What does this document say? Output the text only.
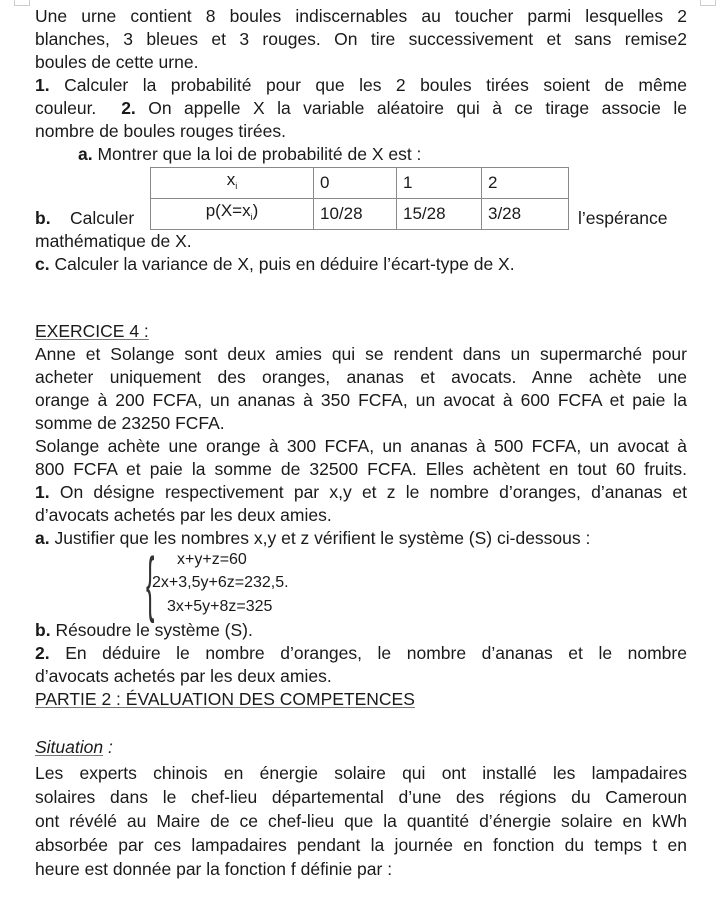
Une urne contient 8 boules indiscernables au toucher parmi lesquelles 2
blanches, 3 bleues et 3 rouges. On tire successivement et sans remise2
boules de cette urne.
1. Calculer la probabilité pour que les 2 boules tirées soient de même
couleur. 2. On appelle X la variable aléatoire qui à ce tirage associe le
nombre de boules rouges tirées.
a. Montrer que la loi de probabilité de X est :
b. Calculer	l’espérance
mathématique de X.
c. Calculer la variance de X, puis en déduire l’écart-type de X.
EXERCICE 4 :
Anne et Solange sont deux amies qui se rendent dans un supermarché pour
acheter uniquement des oranges, ananas et avocats. Anne achète une
orange à 200 FCFA, un ananas à 350 FCFA, un avocat à 600 FCFA et paie la
somme de 23250 FCFA.
Solange achète une orange à 300 FCFA, un ananas à 500 FCFA, un avocat à
800 FCFA et paie la somme de 32500 FCFA. Elles achètent en tout 60 fruits.
1. On désigne respectivement par x,y et z le nombre d’oranges, d’ananas et
d’avocats achetés par les deux amies.
a. Justifier que les nombres x,y et z vérifient le système (S) ci-dessous :
b. Résoudre le système (S).
2. En déduire le nombre d’oranges, le nombre d’ananas et le nombre
d’avocats achetés par les deux amies.
PARTIE 2 : ÉVALUATION DES COMPETENCES
Situation :
Les experts chinois en énergie solaire qui ont installé les lampadaires
solaires dans le chef-lieu départemental d’une des régions du Cameroun
ont révélé au Maire de ce chef-lieu que la quantité d’énergie solaire en kWh
absorbée par ces lampadaires pendant la journée en fonction du temps t en
heure est donnée par la fonction f définie par :
$x_i$	0	1	2
$p(X=x_i)$	10/28	15/28	3/28
{ x+y+z=60
2x+3,5y+6z=232,5.
3x+5y+8z=325
